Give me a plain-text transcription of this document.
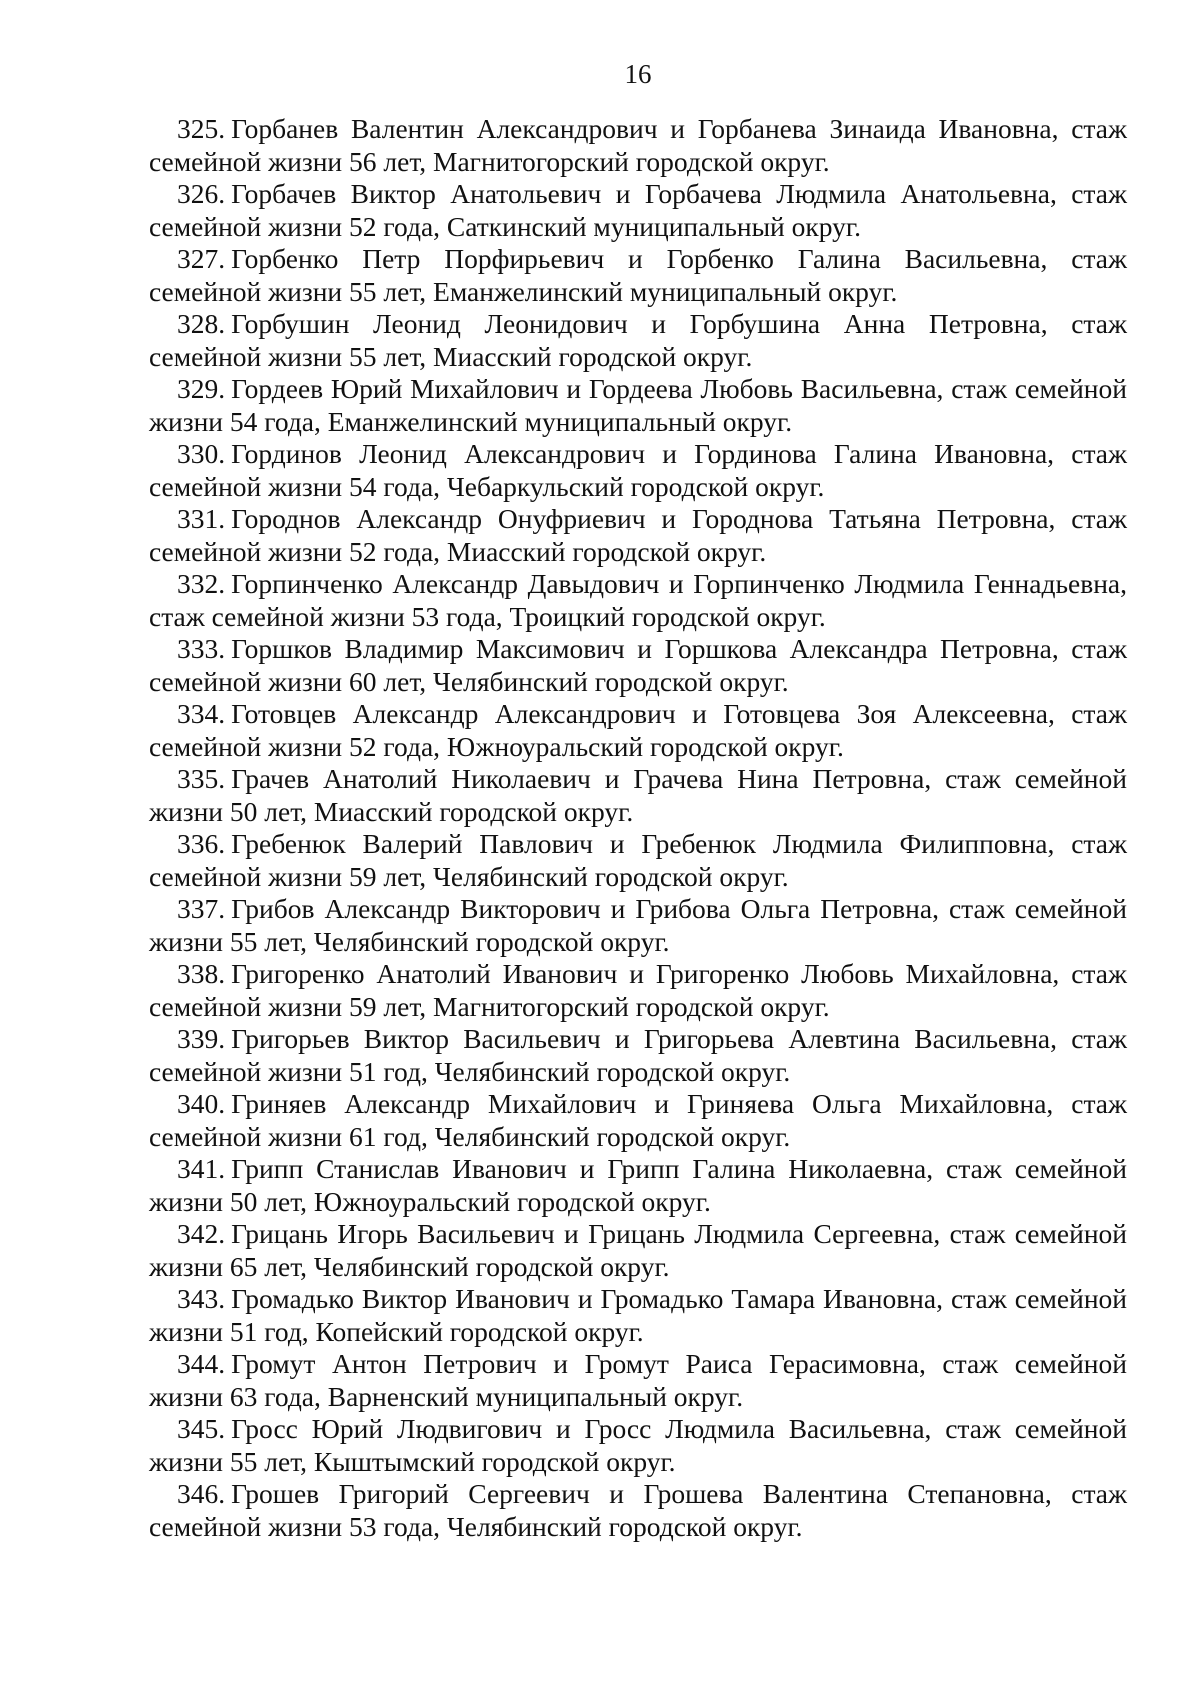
16
325. Горбанев Валентин Александрович и Горбанева Зинаида Ивановна, стаж семейной жизни 56 лет, Магнитогорский городской округ.
326. Горбачев Виктор Анатольевич и Горбачева Людмила Анатольевна, стаж семейной жизни 52 года, Саткинский муниципальный округ.
327. Горбенко Петр Порфирьевич и Горбенко Галина Васильевна, стаж семейной жизни 55 лет, Еманжелинский муниципальный округ.
328. Горбушин Леонид Леонидович и Горбушина Анна Петровна, стаж семейной жизни 55 лет, Миасский городской округ.
329. Гордеев Юрий Михайлович и Гордеева Любовь Васильевна, стаж семейной жизни 54 года, Еманжелинский муниципальный округ.
330. Гординов Леонид Александрович и Гординова Галина Ивановна, стаж семейной жизни 54 года, Чебаркульский городской округ.
331. Городнов Александр Онуфриевич и Городнова Татьяна Петровна, стаж семейной жизни 52 года, Миасский городской округ.
332. Горпинченко Александр Давыдович и Горпинченко Людмила Геннадьевна, стаж семейной жизни 53 года, Троицкий городской округ.
333. Горшков Владимир Максимович и Горшкова Александра Петровна, стаж семейной жизни 60 лет, Челябинский городской округ.
334. Готовцев Александр Александрович и Готовцева Зоя Алексеевна, стаж семейной жизни 52 года, Южноуральский городской округ.
335. Грачев Анатолий Николаевич и Грачева Нина Петровна, стаж семейной жизни 50 лет, Миасский городской округ.
336. Гребенюк Валерий Павлович и Гребенюк Людмила Филипповна, стаж семейной жизни 59 лет, Челябинский городской округ.
337. Грибов Александр Викторович и Грибова Ольга Петровна, стаж семейной жизни 55 лет, Челябинский городской округ.
338. Григоренко Анатолий Иванович и Григоренко Любовь Михайловна, стаж семейной жизни 59 лет, Магнитогорский городской округ.
339. Григорьев Виктор Васильевич и Григорьева Алевтина Васильевна, стаж семейной жизни 51 год, Челябинский городской округ.
340. Гриняев Александр Михайлович и Гриняева Ольга Михайловна, стаж семейной жизни 61 год, Челябинский городской округ.
341. Грипп Станислав Иванович и Грипп Галина Николаевна, стаж семейной жизни 50 лет, Южноуральский городской округ.
342. Грицань Игорь Васильевич и Грицань Людмила Сергеевна, стаж семейной жизни 65 лет, Челябинский городской округ.
343. Громадько Виктор Иванович и Громадько Тамара Ивановна, стаж семейной жизни 51 год, Копейский городской округ.
344. Громут Антон Петрович и Громут Раиса Герасимовна, стаж семейной жизни 63 года, Варненский муниципальный округ.
345. Гросс Юрий Людвигович и Гросс Людмила Васильевна, стаж семейной жизни 55 лет, Кыштымский городской округ.
346. Грошев Григорий Сергеевич и Грошева Валентина Степановна, стаж семейной жизни 53 года, Челябинский городской округ.
